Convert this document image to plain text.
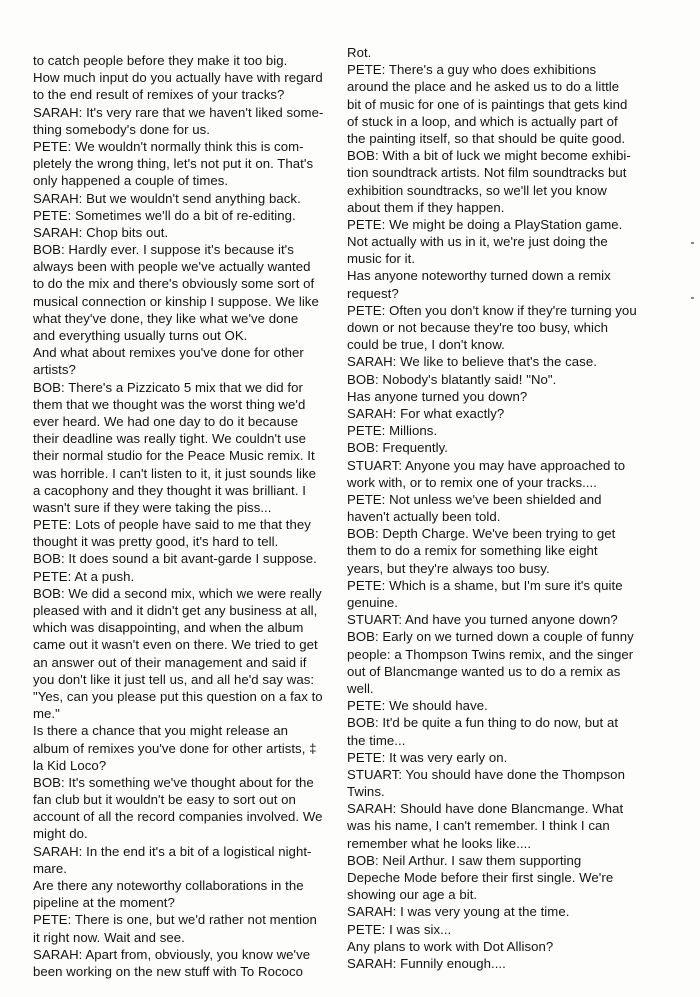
to catch people before they make it too big.
How much input do you actually have with regard
to the end result of remixes of your tracks?
SARAH: It's very rare that we haven't liked some-
thing somebody's done for us.
PETE: We wouldn't normally think this is com-
pletely the wrong thing, let's not put it on. That's
only happened a couple of times.
SARAH: But we wouldn't send anything back.
PETE: Sometimes we'll do a bit of re-editing.
SARAH: Chop bits out.
BOB: Hardly ever. I suppose it's because it's
always been with people we've actually wanted
to do the mix and there's obviously some sort of
musical connection or kinship I suppose. We like
what they've done, they like what we've done
and everything usually turns out OK.
And what about remixes you've done for other
artists?
BOB: There's a Pizzicato 5 mix that we did for
them that we thought was the worst thing we'd
ever heard. We had one day to do it because
their deadline was really tight. We couldn't use
their normal studio for the Peace Music remix. It
was horrible. I can't listen to it, it just sounds like
a cacophony and they thought it was brilliant. I
wasn't sure if they were taking the piss...
PETE: Lots of people have said to me that they
thought it was pretty good, it's hard to tell.
BOB: It does sound a bit avant-garde I suppose.
PETE: At a push.
BOB: We did a second mix, which we were really
pleased with and it didn't get any business at all,
which was disappointing, and when the album
came out it wasn't even on there. We tried to get
an answer out of their management and said if
you don't like it just tell us, and all he'd say was:
"Yes, can you please put this question on a fax to
me."
Is there a chance that you might release an
album of remixes you've done for other artists, ‡
la Kid Loco?
BOB: It's something we've thought about for the
fan club but it wouldn't be easy to sort out on
account of all the record companies involved. We
might do.
SARAH: In the end it's a bit of a logistical night-
mare.
Are there any noteworthy collaborations in the
pipeline at the moment?
PETE: There is one, but we'd rather not mention
it right now. Wait and see.
SARAH: Apart from, obviously, you know we've
been working on the new stuff with To Rococo
Rot.
PETE: There's a guy who does exhibitions
around the place and he asked us to do a little
bit of music for one of is paintings that gets kind
of stuck in a loop, and which is actually part of
the painting itself, so that should be quite good.
BOB: With a bit of luck we might become exhibi-
tion soundtrack artists. Not film soundtracks but
exhibition soundtracks, so we'll let you know
about them if they happen.
PETE: We might be doing a PlayStation game.
Not actually with us in it, we're just doing the
music for it.
Has anyone noteworthy turned down a remix
request?
PETE: Often you don't know if they're turning you
down or not because they're too busy, which
could be true, I don't know.
SARAH: We like to believe that's the case.
BOB: Nobody's blatantly said! "No".
Has anyone turned you down?
SARAH: For what exactly?
PETE: Millions.
BOB: Frequently.
STUART: Anyone you may have approached to
work with, or to remix one of your tracks....
PETE: Not unless we've been shielded and
haven't actually been told.
BOB: Depth Charge. We've been trying to get
them to do a remix for something like eight
years, but they're always too busy.
PETE: Which is a shame, but I'm sure it's quite
genuine.
STUART: And have you turned anyone down?
BOB: Early on we turned down a couple of funny
people: a Thompson Twins remix, and the singer
out of Blancmange wanted us to do a remix as
well.
PETE: We should have.
BOB: It'd be quite a fun thing to do now, but at
the time...
PETE: It was very early on.
STUART: You should have done the Thompson
Twins.
SARAH: Should have done Blancmange. What
was his name, I can't remember. I think I can
remember what he looks like....
BOB: Neil Arthur. I saw them supporting
Depeche Mode before their first single. We're
showing our age a bit.
SARAH: I was very young at the time.
PETE: I was six...
Any plans to work with Dot Allison?
SARAH: Funnily enough....
